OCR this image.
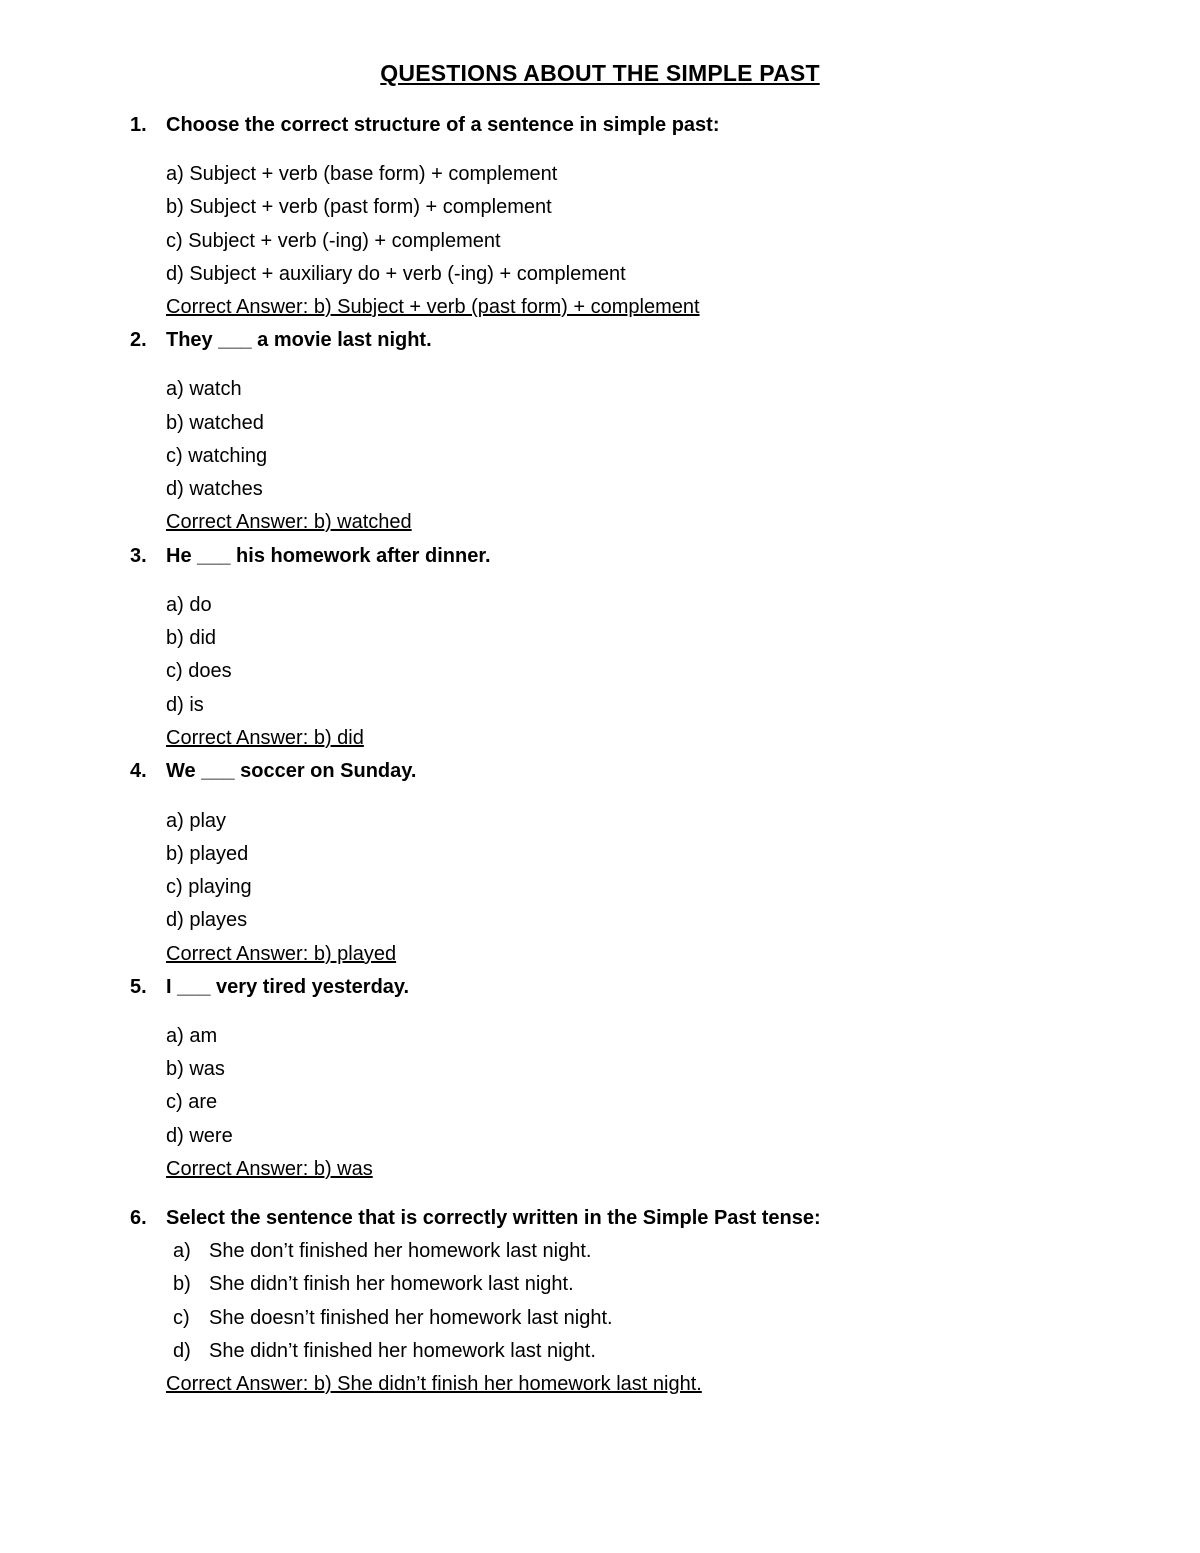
QUESTIONS ABOUT THE SIMPLE PAST
1. Choose the correct structure of a sentence in simple past:
a) Subject + verb (base form) + complement
b) Subject + verb (past form) + complement
c) Subject + verb (-ing) + complement
d) Subject + auxiliary do + verb (-ing) + complement
Correct Answer: b) Subject + verb (past form) + complement
2. They ___ a movie last night.
a) watch
b) watched
c) watching
d) watches
Correct Answer: b) watched
3. He ___ his homework after dinner.
a) do
b) did
c) does
d) is
Correct Answer: b) did
4. We ___ soccer on Sunday.
a) play
b) played
c) playing
d) playes
Correct Answer: b) played
5. I ___ very tired yesterday.
a) am
b) was
c) are
d) were
Correct Answer: b) was
6. Select the sentence that is correctly written in the Simple Past tense:
a) She don’t finished her homework last night.
b) She didn’t finish her homework last night.
c) She doesn’t finished her homework last night.
d) She didn’t finished her homework last night.
Correct Answer: b) She didn’t finish her homework last night.
